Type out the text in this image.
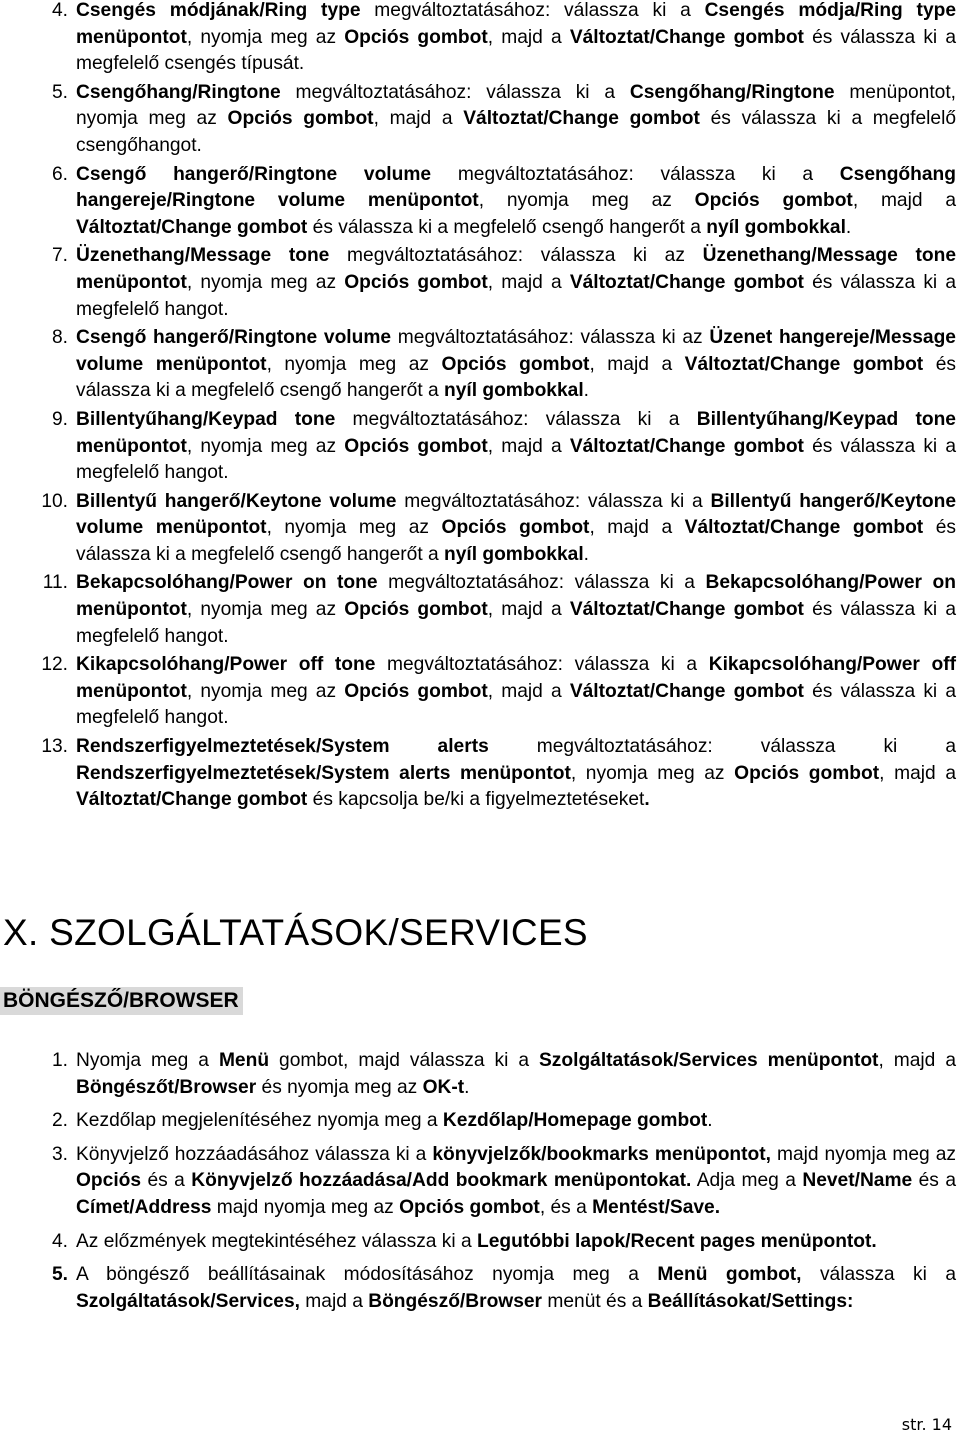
4. Csengés módjának/Ring type megváltoztatásához: válassza ki a Csengés módja/Ring type menüpontot, nyomja meg az Opciós gombot, majd a Változtat/Change gombot és válassza ki a megfelelő csengés típusát.
5. Csengőhang/Ringtone megváltoztatásához: válassza ki a Csengőhang/Ringtone menüpontot, nyomja meg az Opciós gombot, majd a Változtat/Change gombot és válassza ki a megfelelő csengőhangot.
6. Csengő hangerő/Ringtone volume megváltoztatásához: válassza ki a Csengőhang hangereje/Ringtone volume menüpontot, nyomja meg az Opciós gombot, majd a Változtat/Change gombot és válassza ki a megfelelő csengő hangerőt a nyíl gombokkal.
7. Üzenethang/Message tone megváltoztatásához: válassza ki az Üzenethang/Message tone menüpontot, nyomja meg az Opciós gombot, majd a Változtat/Change gombot és válassza ki a megfelelő hangot.
8. Csengő hangerő/Ringtone volume megváltoztatásához: válassza ki az Üzenet hangereje/Message volume menüpontot, nyomja meg az Opciós gombot, majd a Változtat/Change gombot és válassza ki a megfelelő csengő hangerőt a nyíl gombokkal.
9. Billentyűhang/Keypad tone megváltoztatásához: válassza ki a Billentyűhang/Keypad tone menüpontot, nyomja meg az Opciós gombot, majd a Változtat/Change gombot és válassza ki a megfelelő hangot.
10. Billentyű hangerő/Keytone volume megváltoztatásához: válassza ki a Billentyű hangerő/Keytone volume menüpontot, nyomja meg az Opciós gombot, majd a Változtat/Change gombot és válassza ki a megfelelő csengő hangerőt a nyíl gombokkal.
11. Bekapcsolóhang/Power on tone megváltoztatásához: válassza ki a Bekapcsolóhang/Power on menüpontot, nyomja meg az Opciós gombot, majd a Változtat/Change gombot és válassza ki a megfelelő hangot.
12. Kikapcsolóhang/Power off tone megváltoztatásához: válassza ki a Kikapcsolóhang/Power off menüpontot, nyomja meg az Opciós gombot, majd a Változtat/Change gombot és válassza ki a megfelelő hangot.
13. Rendszerfigyelmeztetések/System alerts megváltoztatásához: válassza ki a Rendszerfigyelmeztetések/System alerts menüpontot, nyomja meg az Opciós gombot, majd a Változtat/Change gombot és kapcsolja be/ki a figyelmeztetéseket.
X. SZOLGÁLTATÁSOK/SERVICES
BÖNGÉSZŐ/BROWSER
1. Nyomja meg a Menü gombot, majd válassza ki a Szolgáltatások/Services menüpontot, majd a Böngészőt/Browser és nyomja meg az OK-t.
2. Kezdőlap megjelenítéséhez nyomja meg a Kezdőlap/Homepage gombot.
3. Könyvjelző hozzáadásához válassza ki a könyvjelzők/bookmarks menüpontot, majd nyomja meg az Opciós és a Könyvjelző hozzáadása/Add bookmark menüpontokat. Adja meg a Nevet/Name és a Címet/Address majd nyomja meg az Opciós gombot, és a Mentést/Save.
4. Az előzmények megtekintéséhez válassza ki a Legutóbbi lapok/Recent pages menüpontot.
5. A böngésző beállításainak módosításához nyomja meg a Menü gombot, válassza ki a Szolgáltatások/Services, majd a Böngésző/Browser menüt és a Beállításokat/Settings:
str. 14
